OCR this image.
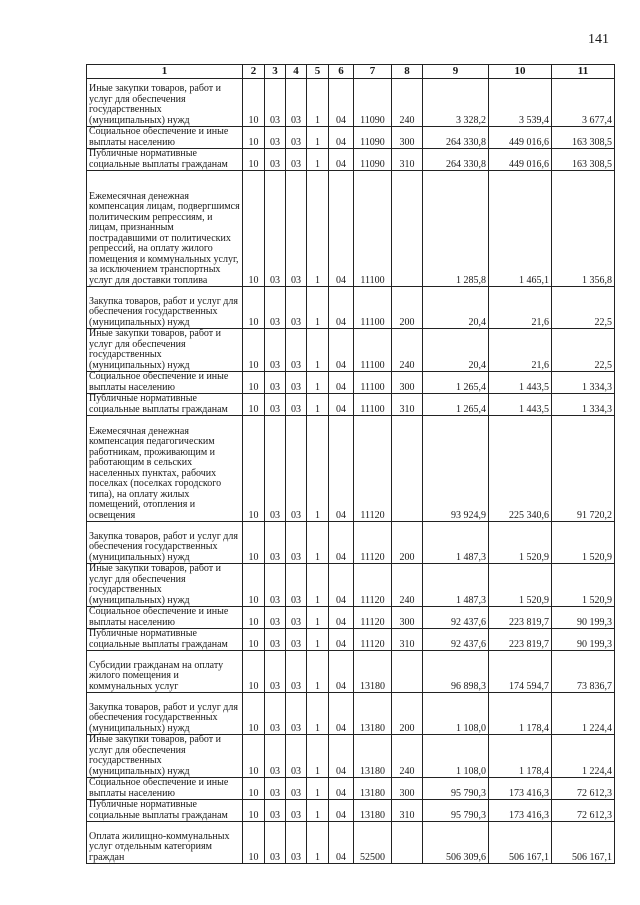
141
1	2	3	4	5	6	7	8	9	10	11
Иные закупки товаров, работ и услуг для обеспечения государственных (муниципальных) нужд	10	03	03	1	04	11090	240	3 328,2	3 539,4	3 677,4
Социальное обеспечение и иные выплаты населению	10	03	03	1	04	11090	300	264 330,8	449 016,6	163 308,5
Публичные нормативные социальные выплаты гражданам	10	03	03	1	04	11090	310	264 330,8	449 016,6	163 308,5
Ежемесячная денежная компенсация лицам, подвергшимся политическим репрессиям, и лицам, признанным пострадавшими от политических репрессий, на оплату жилого помещения и коммунальных услуг, за исключением транспортных услуг для доставки топлива	10	03	03	1	04	11100		1 285,8	1 465,1	1 356,8
Закупка товаров, работ и услуг для обеспечения государственных (муниципальных) нужд	10	03	03	1	04	11100	200	20,4	21,6	22,5
Иные закупки товаров, работ и услуг для обеспечения государственных (муниципальных) нужд	10	03	03	1	04	11100	240	20,4	21,6	22,5
Социальное обеспечение и иные выплаты населению	10	03	03	1	04	11100	300	1 265,4	1 443,5	1 334,3
Публичные нормативные социальные выплаты гражданам	10	03	03	1	04	11100	310	1 265,4	1 443,5	1 334,3
Ежемесячная денежная компенсация педагогическим работникам, проживающим и работающим в сельских населенных пунктах, рабочих поселках (поселках городского типа), на оплату жилых помещений, отопления и освещения	10	03	03	1	04	11120		93 924,9	225 340,6	91 720,2
Закупка товаров, работ и услуг для обеспечения государственных (муниципальных) нужд	10	03	03	1	04	11120	200	1 487,3	1 520,9	1 520,9
Иные закупки товаров, работ и услуг для обеспечения государственных (муниципальных) нужд	10	03	03	1	04	11120	240	1 487,3	1 520,9	1 520,9
Социальное обеспечение и иные выплаты населению	10	03	03	1	04	11120	300	92 437,6	223 819,7	90 199,3
Публичные нормативные социальные выплаты гражданам	10	03	03	1	04	11120	310	92 437,6	223 819,7	90 199,3
Субсидии гражданам на оплату жилого помещения и коммунальных услуг	10	03	03	1	04	13180		96 898,3	174 594,7	73 836,7
Закупка товаров, работ и услуг для обеспечения государственных (муниципальных) нужд	10	03	03	1	04	13180	200	1 108,0	1 178,4	1 224,4
Иные закупки товаров, работ и услуг для обеспечения государственных (муниципальных) нужд	10	03	03	1	04	13180	240	1 108,0	1 178,4	1 224,4
Социальное обеспечение и иные выплаты населению	10	03	03	1	04	13180	300	95 790,3	173 416,3	72 612,3
Публичные нормативные социальные выплаты гражданам	10	03	03	1	04	13180	310	95 790,3	173 416,3	72 612,3
Оплата жилищно-коммунальных услуг отдельным категориям граждан	10	03	03	1	04	52500		506 309,6	506 167,1	506 167,1
